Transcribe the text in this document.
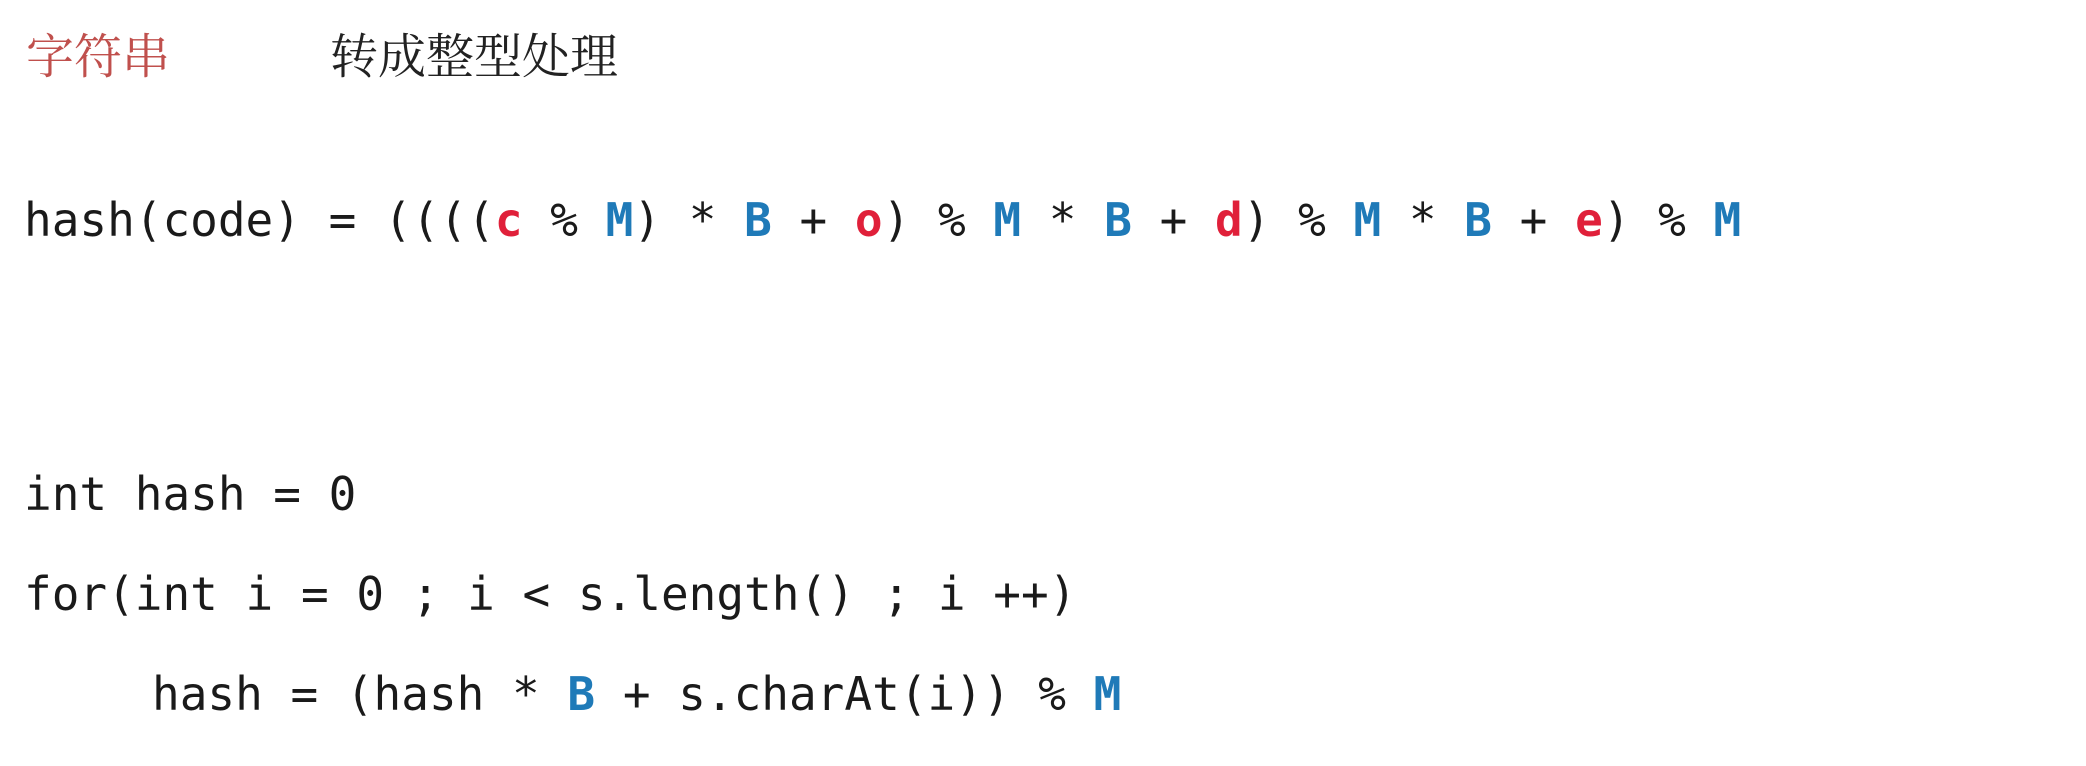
字符串	转成整型处理
hash(code) = ((((c % M) * B + o) % M * B + d) % M * B + e) % M
int hash = 0
for(int i = 0 ; i < s.length() ; i ++)
hash = (hash * B + s.charAt(i)) % M
